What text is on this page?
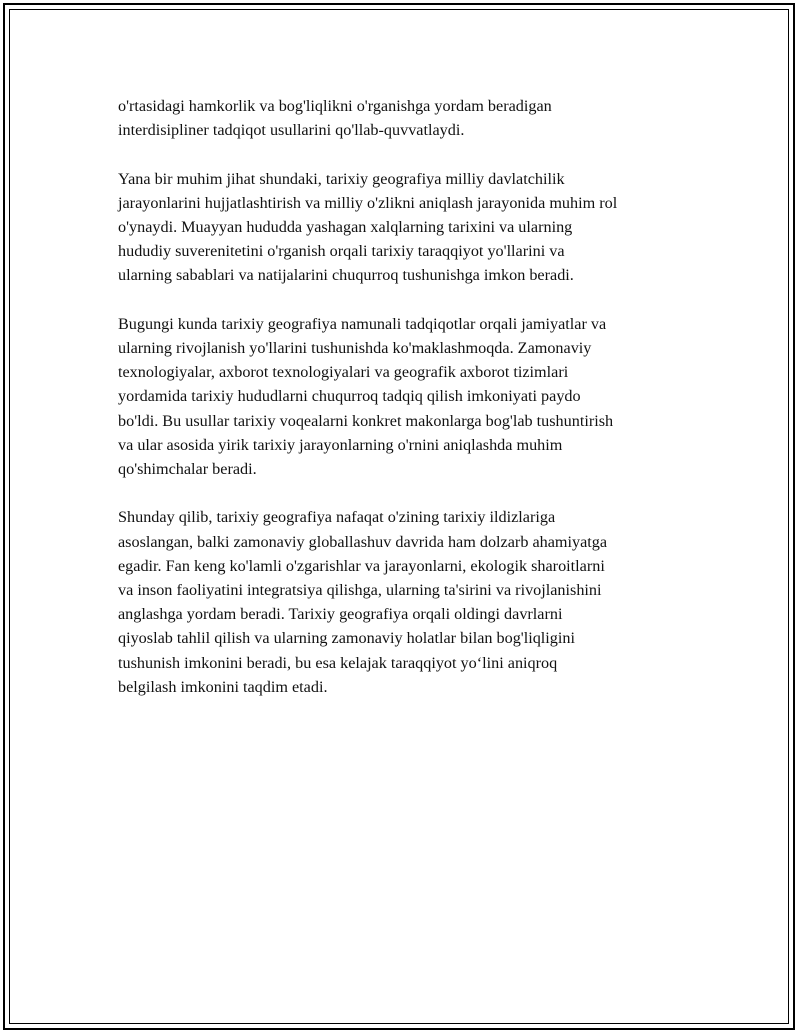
o'rtasidagi hamkorlik va bog'liqlikni o'rganishga yordam beradigan
interdisipliner tadqiqot usullarini qo'llab-quvvatlaydi.

Yana bir muhim jihat shundaki, tarixiy geografiya milliy davlatchilik
jarayonlarini hujjatlashtirish va milliy o'zlikni aniqlash jarayonida muhim rol
o'ynaydi. Muayyan hududda yashagan xalqlarning tarixini va ularning
hududiy suverenitetini o'rganish orqali tarixiy taraqqiyot yo'llarini va
ularning sabablari va natijalarini chuqurroq tushunishga imkon beradi.

Bugungi kunda tarixiy geografiya namunali tadqiqotlar orqali jamiyatlar va
ularning rivojlanish yo'llarini tushunishda ko'maklashmoqda. Zamonaviy
texnologiyalar, axborot texnologiyalari va geografik axborot tizimlari
yordamida tarixiy hududlarni chuqurroq tadqiq qilish imkoniyati paydo
bo'ldi. Bu usullar tarixiy voqealarni konkret makonlarga bog'lab tushuntirish
va ular asosida yirik tarixiy jarayonlarning o'rnini aniqlashda muhim
qo'shimchalar beradi.

Shunday qilib, tarixiy geografiya nafaqat o'zining tarixiy ildizlariga
asoslangan, balki zamonaviy globallashuv davrida ham dolzarb ahamiyatga
egadir. Fan keng ko'lamli o'zgarishlar va jarayonlarni, ekologik sharoitlarni
va inson faoliyatini integratsiya qilishga, ularning ta'sirini va rivojlanishini
anglashga yordam beradi. Tarixiy geografiya orqali oldingi davrlarni
qiyoslab tahlil qilish va ularning zamonaviy holatlar bilan bog'liqligini
tushunish imkonini beradi, bu esa kelajak taraqqiyot yo‘lini aniqroq
belgilash imkonini taqdim etadi.
